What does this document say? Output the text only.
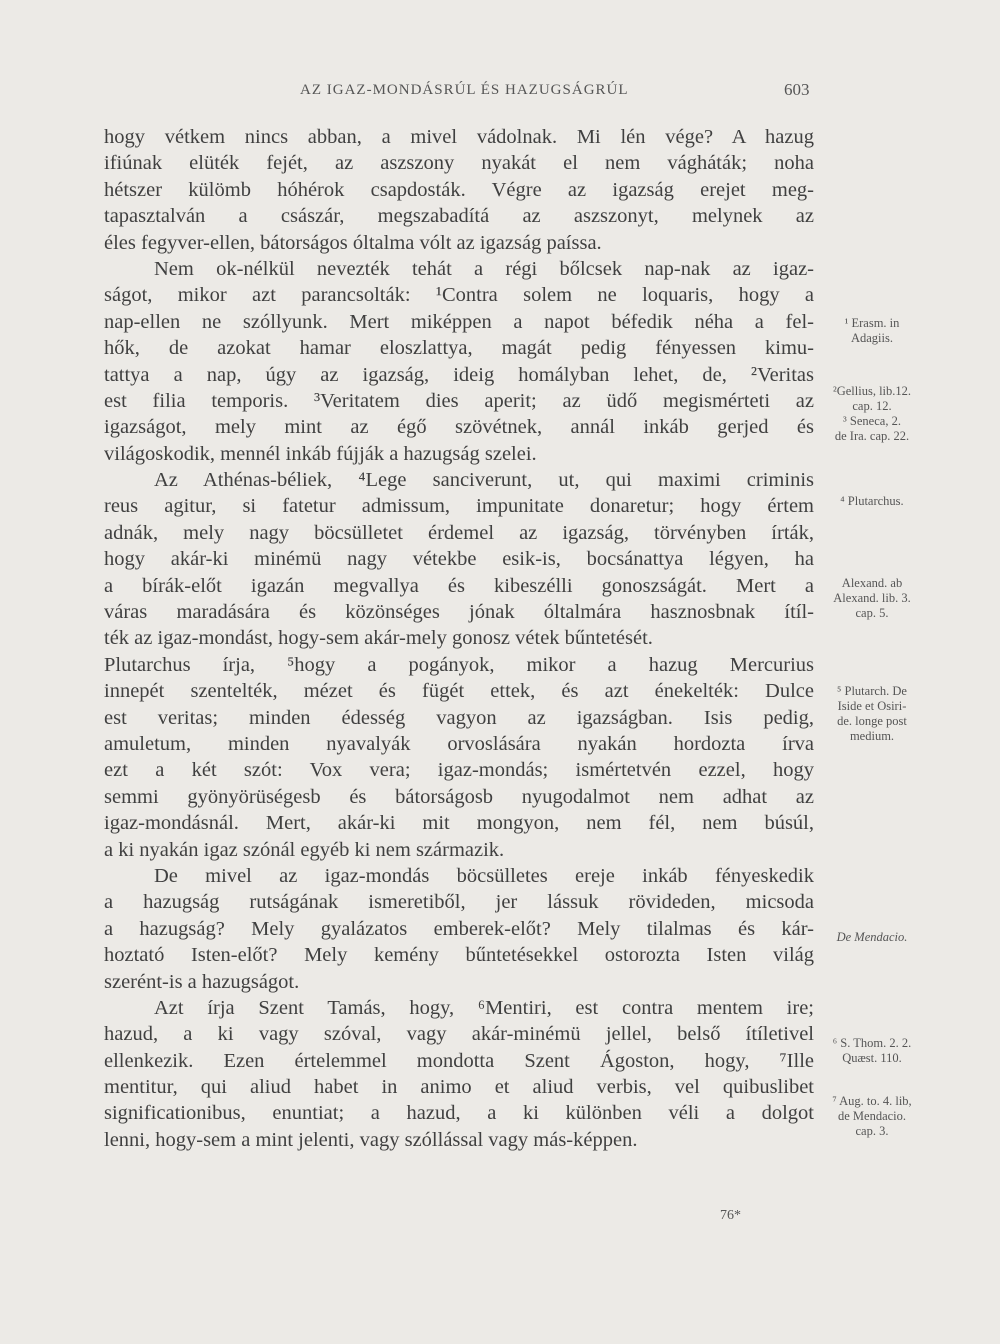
AZ IGAZ-MONDÁSRÚL ÉS HAZUGSÁGRÚL	603
hogy vétkem nincs abban, a mivel vádolnak. Mi lén vége? A hazug
ifiúnak elüték fejét, az aszszony nyakát el nem vágháták; noha
hétszer külömb hóhérok csapdosták. Végre az igazság erejet meg-
tapasztalván a császár, megszabadítá az aszszonyt, melynek az
éles fegyver-ellen, bátorságos óltalma vólt az igazság paíssa.
Nem ok-nélkül nevezték tehát a régi bőlcsek nap-nak az igaz-
ságot, mikor azt parancsolták: ¹Contra solem ne loquaris, hogy a
nap-ellen ne szóllyunk. Mert miképpen a napot béfedik néha a fel-
hők, de azokat hamar eloszlattya, magát pedig fényessen kimu-
tattya a nap, úgy az igazság, ideig homályban lehet, de, ²Veritas
est filia temporis. ³Veritatem dies aperit; az üdő megismérteti az
igazságot, mely mint az égő szövétnek, annál inkáb gerjed és
világoskodik, mennél inkáb fújják a hazugság szelei.
Az Athénas-béliek, ⁴Lege sanciverunt, ut, qui maximi criminis
reus agitur, si fatetur admissum, impunitate donaretur; hogy értem
adnák, mely nagy böcsülletet érdemel az igazság, törvényben írták,
hogy akár-ki minémü nagy vétekbe esik-is, bocsánattya légyen, ha
a bírák-előt igazán megvallya és kibeszélli gonoszságát. Mert a
váras maradására és közönséges jónak óltalmára hasznosbnak ítíl-
ték az igaz-mondást, hogy-sem akár-mely gonosz vétek bűntetését.
Plutarchus írja, ⁵hogy a pogányok, mikor a hazug Mercurius
innepét szentelték, mézet és fügét ettek, és azt énekelték: Dulce
est veritas; minden édesség vagyon az igazságban. Isis pedig,
amuletum, minden nyavalyák orvoslására nyakán hordozta írva
ezt a két szót: Vox vera; igaz-mondás; ismértetvén ezzel, hogy
semmi gyönyörüségesb és bátorságosb nyugodalmot nem adhat az
igaz-mondásnál. Mert, akár-ki mit mongyon, nem fél, nem búsúl,
a ki nyakán igaz szónál egyéb ki nem származik.
De mivel az igaz-mondás böcsülletes ereje inkáb fényeskedik
a hazugság rutságának ismeretiből, jer lássuk rövideden, micsoda
a hazugság? Mely gyalázatos emberek-előt? Mely tilalmas és kár-
hoztató Isten-előt? Mely kemény bűntetésekkel ostorozta Isten világ
szerént-is a hazugságot.
Azt írja Szent Tamás, hogy, ⁶Mentiri, est contra mentem ire;
hazud, a ki vagy szóval, vagy akár-minémü jellel, belső ítíletivel
ellenkezik. Ezen értelemmel mondotta Szent Ágoston, hogy, ⁷Ille
mentitur, qui aliud habet in animo et aliud verbis, vel quibuslibet
significationibus, enuntiat; a hazud, a ki különben véli a dolgot
lenni, hogy-sem a mint jelenti, vagy szóllással vagy más-képpen.
¹ Erasm. in
Adagiis.
²Gellius, lib.12.
cap. 12.
³ Seneca, 2.
de Ira. cap. 22.
⁴ Plutarchus.
Alexand. ab
Alexand. lib. 3.
cap. 5.
⁵ Plutarch. De
Iside et Osiri-
de. longe post
medium.
De Mendacio.
⁶ S. Thom. 2. 2.
Quæst. 110.
⁷ Aug. to. 4. lib,
de Mendacio.
cap. 3.
76*
